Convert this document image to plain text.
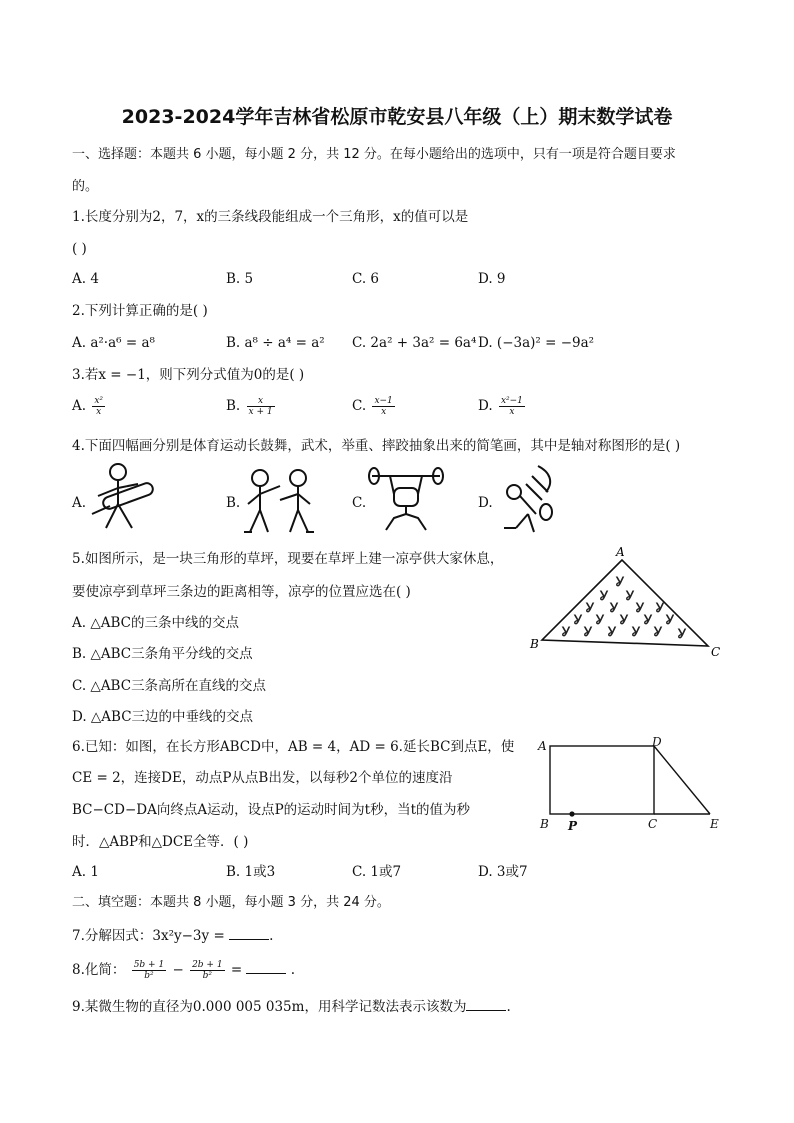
2023-2024学年吉林省松原市乾安县八年级（上）期末数学试卷
一、选择题：本题共 6 小题，每小题 2 分，共 12 分。在每小题给出的选项中，只有一项是符合题目要求
的。
1.长度分别为2，7，x的三条线段能组成一个三角形，x的值可以是
( )
A. 4	B. 5	C. 6	D. 9
2.下列计算正确的是( )
A. a²·a⁶ = a⁸	B. a⁸ ÷ a⁴ = a² C. 2a² + 3a² = 6a⁴ D. (−3a)² = −9a²
3.若x = −1，则下列分式值为0的是( )
A. $\frac{\text{x²}}{x}$	B. $\frac{x}{x + 1}$	C. $\frac{x-1}{x}$	D. $\frac{\text{x²−1}}{x}$
4.下面四幅画分别是体育运动长鼓舞，武术，举重、摔跤抽象出来的简笔画，其中是轴对称图形的是( )
A.	B.	C.	D.
5.如图所示，是一块三角形的草坪，现要在草坪上建一凉亭供大家休息，
要使凉亭到草坪三条边的距离相等，凉亭的位置应选在( )
A. △ABC的三条中线的交点
B. △ABC三条角平分线的交点
C. △ABC三条高所在直线的交点
D. △ABC三边的中垂线的交点
Ỿ
Ỿ Ỿ
Ỿ Ỿ Ỿ Ỿ
Ỿ Ỿ Ỿ Ỿ Ỿ
Ỿ Ỿ Ỿ Ỿ Ỿ Ỿ
A
B
C
6.已知：如图，在长方形ABCD中，AB = 4，AD = 6.延长BC到点E，使
CE = 2，连接DE，动点P从点B出发，以每秒2个单位的速度沿
BC−CD−DA向终点A运动，设点P的运动时间为t秒，当t的值为秒
时．△ABP和△DCE全等．( )
A. 1	B. 1或3	C. 1或7	D. 3或7
A	D
B P	C	E
二、填空题：本题共 8 小题，每小题 3 分，共 24 分。
7.分解因式：3x²y−3y =	.
8.化简： $\frac{5b + 1}{\text{b²}} - \frac{2b + 1}{\text{b²}}$ =	.
9.某微生物的直径为0.000 005 035m，用科学记数法表示该数为	.
